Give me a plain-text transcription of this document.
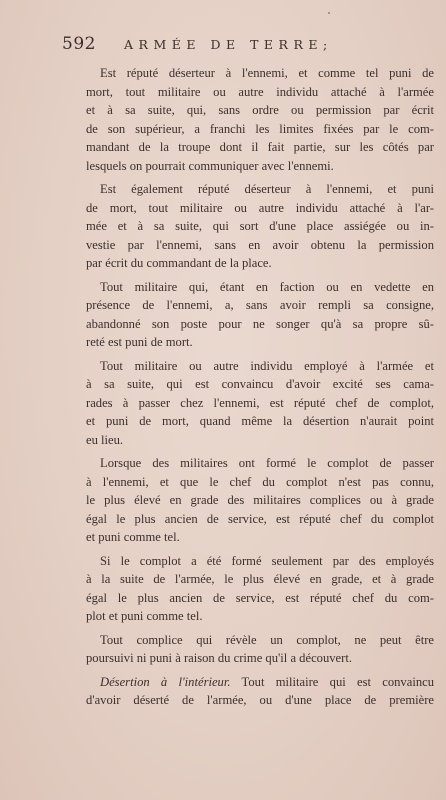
592 ARMÉE DE TERRE;

Est réputé déserteur à l'ennemi, et comme tel puni de
mort, tout militaire ou autre individu attaché à l'armée
et à sa suite, qui, sans ordre ou permission par écrit
de son supérieur, a franchi les limites fixées par le com-
mandant de la troupe dont il fait partie, sur les côtés par
lesquels on pourrait communiquer avec l'ennemi.

Est également réputé déserteur à l'ennemi, et puni
de mort, tout militaire ou autre individu attaché à l'ar-
mée et à sa suite, qui sort d'une place assiégée ou in-
vestie par l'ennemi, sans en avoir obtenu la permission
par écrit du commandant de la place.

Tout militaire qui, étant en faction ou en vedette en
présence de l'ennemi, a, sans avoir rempli sa consigne,
abandonné son poste pour ne songer qu'à sa propre sû-
reté est puni de mort.

Tout militaire ou autre individu employé à l'armée et
à sa suite, qui est convaincu d'avoir excité ses cama-
rades à passer chez l'ennemi, est réputé chef de complot,
et puni de mort, quand même la désertion n'aurait point
eu lieu.

Lorsque des militaires ont formé le complot de passer
à l'ennemi, et que le chef du complot n'est pas connu,
le plus élevé en grade des militaires complices ou à grade
égal le plus ancien de service, est réputé chef du complot
et puni comme tel.

Si le complot a été formé seulement par des employés
à la suite de l'armée, le plus élevé en grade, et à grade
égal le plus ancien de service, est réputé chef du com-
plot et puni comme tel.

Tout complice qui révèle un complot, ne peut être
poursuivi ni puni à raison du crime qu'il a découvert.

Désertion à l'intérieur. Tout militaire qui est convaincu
d'avoir déserté de l'armée, ou d'une place de première
